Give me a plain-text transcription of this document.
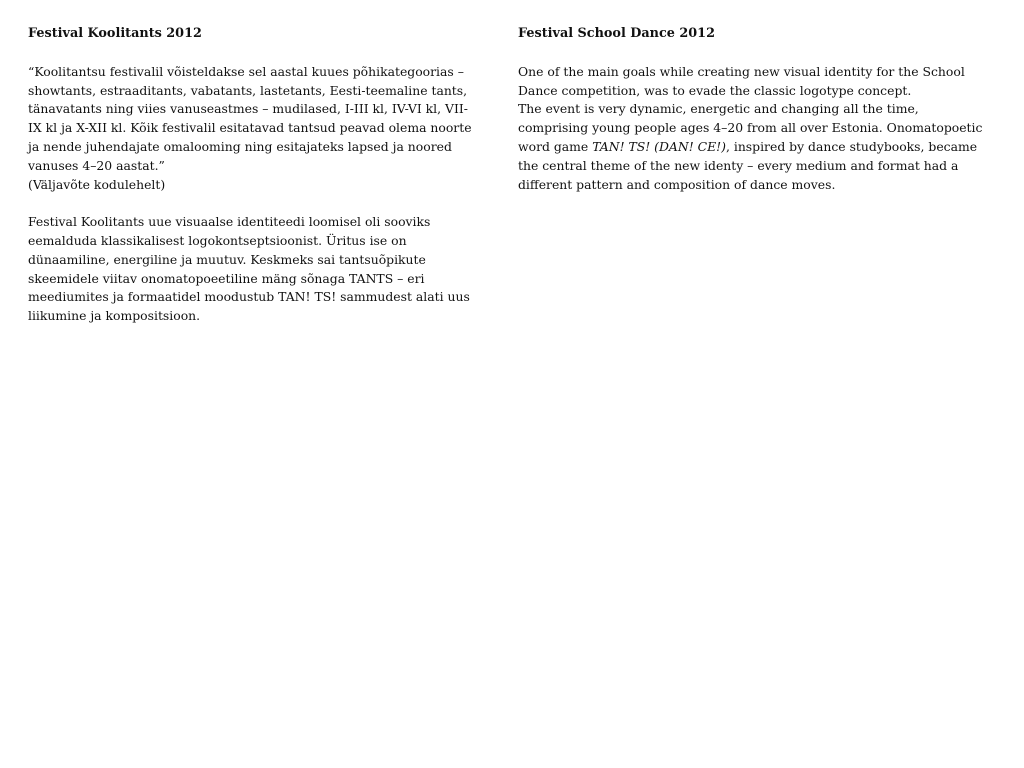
Festival Koolitants 2012

“Koolitantsu festivalil võisteldakse sel aastal kuues põhikategoorias –
showtants, estraaditants, vabatants, lastetants, Eesti-teemaline tants,
tänavatants ning viies vanuseastmes – mudilased, I-III kl, IV-VI kl, VII-
IX kl ja X-XII kl. Kõik festivalil esitatavad tantsud peavad olema noorte
ja nende juhendajate omalooming ning esitajateks lapsed ja noored
vanuses 4–20 aastat.”
(Väljavõte kodulehelt)

Festival Koolitants uue visuaalse identiteedi loomisel oli sooviks
eemalduda klassikalisest logokontseptsioonist. Üritus ise on
dünaamiline, energiline ja muutuv. Keskmeks sai tantsuõpikute
skeemidele viitav onomatopoeetiline mäng sõnaga TANTS – eri
meediumites ja formaatidel moodustub TAN! TS! sammudest alati uus
liikumine ja kompositsioon.

Festival School Dance 2012

One of the main goals while creating new visual identity for the School
Dance competition, was to evade the classic logotype concept.
The event is very dynamic, energetic and changing all the time,
comprising young people ages 4–20 from all over Estonia. Onomatopoetic
word game TAN! TS! (DAN! CE!), inspired by dance studybooks, became
the central theme of the new identy – every medium and format had a
different pattern and composition of dance moves.
